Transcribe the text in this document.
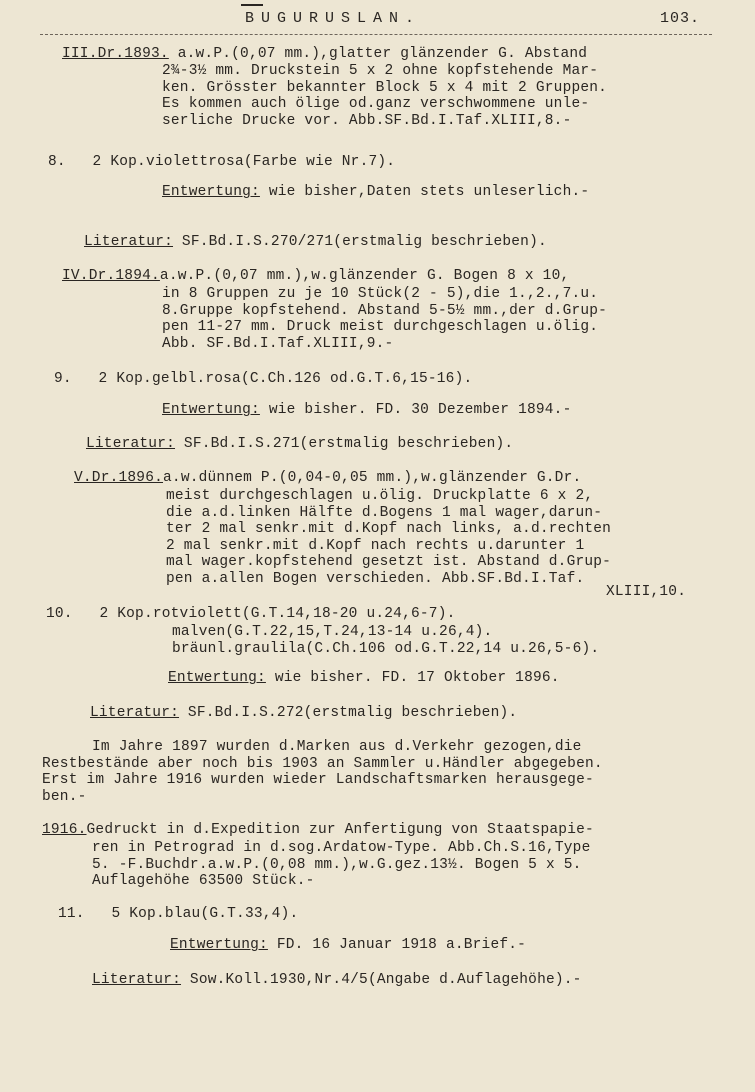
BUGURUSLAN.	103.
III.Dr.1893. a.w.P.(0,07 mm.),glatter glänzender G. Abstand
2¾-3½ mm. Druckstein 5 x 2 ohne kopfstehende Mar-
ken. Grösster bekannter Block 5 x 4 mit 2 Gruppen.
Es kommen auch ölige od.ganz verschwommene unle-
serliche Drucke vor. Abb.SF.Bd.I.Taf.XLIII,8.-
8. 2 Kop.violettrosa(Farbe wie Nr.7).
Entwertung: wie bisher,Daten stets unleserlich.-
Literatur: SF.Bd.I.S.270/271(erstmalig beschrieben).
IV.Dr.1894.a.w.P.(0,07 mm.),w.glänzender G. Bogen 8 x 10,
in 8 Gruppen zu je 10 Stück(2 - 5),die 1.,2.,7.u.
8.Gruppe kopfstehend. Abstand 5-5½ mm.,der d.Grup-
pen 11-27 mm. Druck meist durchgeschlagen u.ölig.
Abb. SF.Bd.I.Taf.XLIII,9.-
9. 2 Kop.gelbl.rosa(C.Ch.126 od.G.T.6,15-16).
Entwertung: wie bisher. FD. 30 Dezember 1894.-
Literatur: SF.Bd.I.S.271(erstmalig beschrieben).
V.Dr.1896.a.w.dünnem P.(0,04-0,05 mm.),w.glänzender G.Dr.
meist durchgeschlagen u.ölig. Druckplatte 6 x 2,
die a.d.linken Hälfte d.Bogens 1 mal wager,darun-
ter 2 mal senkr.mit d.Kopf nach links, a.d.rechten
2 mal senkr.mit d.Kopf nach rechts u.darunter 1
mal wager.kopfstehend gesetzt ist. Abstand d.Grup-
pen a.allen Bogen verschieden. Abb.SF.Bd.I.Taf.
XLIII,10.
10. 2 Kop.rotviolett(G.T.14,18-20 u.24,6-7).
malven(G.T.22,15,T.24,13-14 u.26,4).
bräunl.graulila(C.Ch.106 od.G.T.22,14 u.26,5-6).
Entwertung: wie bisher. FD. 17 Oktober 1896.
Literatur: SF.Bd.I.S.272(erstmalig beschrieben).
Im Jahre 1897 wurden d.Marken aus d.Verkehr gezogen,die
Restbestände aber noch bis 1903 an Sammler u.Händler abgegeben.
Erst im Jahre 1916 wurden wieder Landschaftsmarken herausgege-
ben.-
1916.Gedruckt in d.Expedition zur Anfertigung von Staatspapie-
ren in Petrograd in d.sog.Ardatow-Type. Abb.Ch.S.16,Type
5. -F.Buchdr.a.w.P.(0,08 mm.),w.G.gez.13½. Bogen 5 x 5.
Auflagehöhe 63500 Stück.-
11. 5 Kop.blau(G.T.33,4).
Entwertung: FD. 16 Januar 1918 a.Brief.-
Literatur: Sow.Koll.1930,Nr.4/5(Angabe d.Auflagehöhe).-
